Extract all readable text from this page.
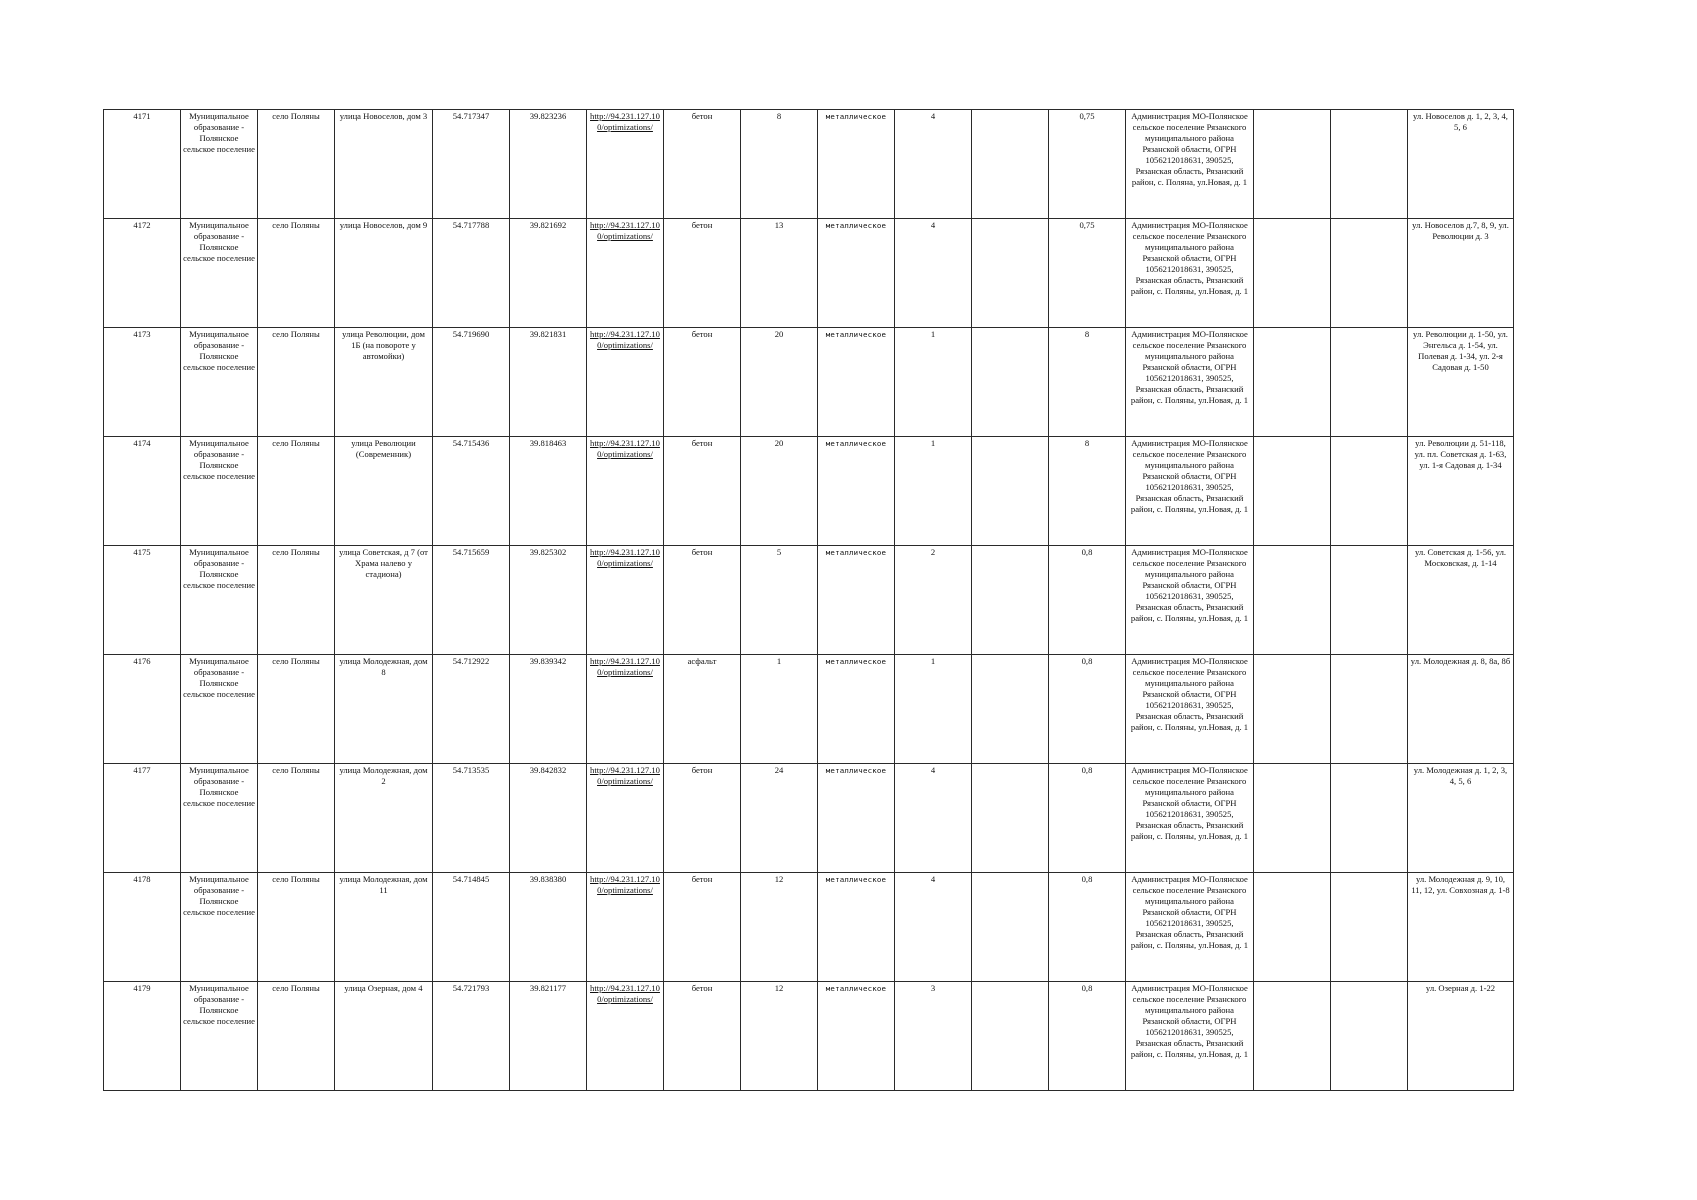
4171	Муниципальное образование - Полянское сельское поселение	село Поляны	улица Новоселов, дом 3	54.717347	39.823236	http://94.231.127.10 0/optimizations/	бетон	8	металлическое	4		0,75	Администрация МО-Полянское сельское поселение Рязанского муниципального района Рязанской области, ОГРН 1056212018631, 390525, Рязанская область, Рязанский район, с. Полянa, ул.Новая, д. 1			ул. Новоселов д. 1, 2, 3, 4, 5, 6
4172	Муниципальное образование - Полянское сельское поселение	село Поляны	улица Новоселов, дом 9	54.717788	39.821692	http://94.231.127.10 0/optimizations/	бетон	13	металлическое	4		0,75	Администрация МО-Полянское сельское поселение Рязанского муниципального района Рязанской области, ОГРН 1056212018631, 390525, Рязанская область, Рязанский район, с. Поляны, ул.Новая, д. 1			ул. Новоселов д.7, 8, 9, ул. Революции д. 3
4173	Муниципальное образование - Полянское сельское поселение	село Поляны	улица Революции, дом 1Б (на повороте у автомойки)	54.719690	39.821831	http://94.231.127.10 0/optimizations/	бетон	20	металлическое	1		8	Администрация МО-Полянское сельское поселение Рязанского муниципального района Рязанской области, ОГРН 1056212018631, 390525, Рязанская область, Рязанский район, с. Поляны, ул.Новая, д. 1			ул. Революции д. 1-50, ул. Энгельса д. 1-54, ул. Полевая д. 1-34, ул. 2-я Садовая д. 1-50
4174	Муниципальное образование - Полянское сельское поселение	село Поляны	улица Революции (Современник)	54.715436	39.818463	http://94.231.127.10 0/optimizations/	бетон	20	металлическое	1		8	Администрация МО-Полянское сельское поселение Рязанского муниципального района Рязанской области, ОГРН 1056212018631, 390525, Рязанская область, Рязанский район, с. Поляны, ул.Новая, д. 1			ул. Революции д. 51-118, ул. пл. Советская д. 1-63, ул. 1-я Садовая д. 1-34
4175	Муниципальное образование - Полянское сельское поселение	село Поляны	улица Советская, д 7 (от Храма налево у стадиона)	54.715659	39.825302	http://94.231.127.10 0/optimizations/	бетон	5	металлическое	2		0,8	Администрация МО-Полянское сельское поселение Рязанского муниципального района Рязанской области, ОГРН 1056212018631, 390525, Рязанская область, Рязанский район, с. Поляны, ул.Новая, д. 1			ул. Советская д. 1-56, ул. Московская, д. 1-14
4176	Муниципальное образование - Полянское сельское поселение	село Поляны	улица Молодежная, дом 8	54.712922	39.839342	http://94.231.127.10 0/optimizations/	асфальт	1	металлическое	1		0,8	Администрация МО-Полянское сельское поселение Рязанского муниципального района Рязанской области, ОГРН 1056212018631, 390525, Рязанская область, Рязанский район, с. Поляны, ул.Новая, д. 1			ул. Молодежная д. 8, 8а, 8б
4177	Муниципальное образование - Полянское сельское поселение	село Поляны	улица Молодежная, дом 2	54.713535	39.842832	http://94.231.127.10 0/optimizations/	бетон	24	металлическое	4		0,8	Администрация МО-Полянское сельское поселение Рязанского муниципального района Рязанской области, ОГРН 1056212018631, 390525, Рязанская область, Рязанский район, с. Поляны, ул.Новая, д. 1			ул. Молодежная д. 1, 2, 3, 4, 5, 6
4178	Муниципальное образование - Полянское сельское поселение	село Поляны	улица Молодежная, дом 11	54.714845	39.838380	http://94.231.127.10 0/optimizations/	бетон	12	металлическое	4		0,8	Администрация МО-Полянское сельское поселение Рязанского муниципального района Рязанской области, ОГРН 1056212018631, 390525, Рязанская область, Рязанский район, с. Поляны, ул.Новая, д. 1			ул. Молодежная д. 9, 10, 11, 12, ул. Совхозная д. 1-8
4179	Муниципальное образование - Полянское сельское поселение	село Поляны	улица Озерная, дом 4	54.721793	39.821177	http://94.231.127.10 0/optimizations/	бетон	12	металлическое	3		0,8	Администрация МО-Полянское сельское поселение Рязанского муниципального района Рязанской области, ОГРН 1056212018631, 390525, Рязанская область, Рязанский район, с. Поляны, ул.Новая, д. 1			ул. Озерная д. 1-22
